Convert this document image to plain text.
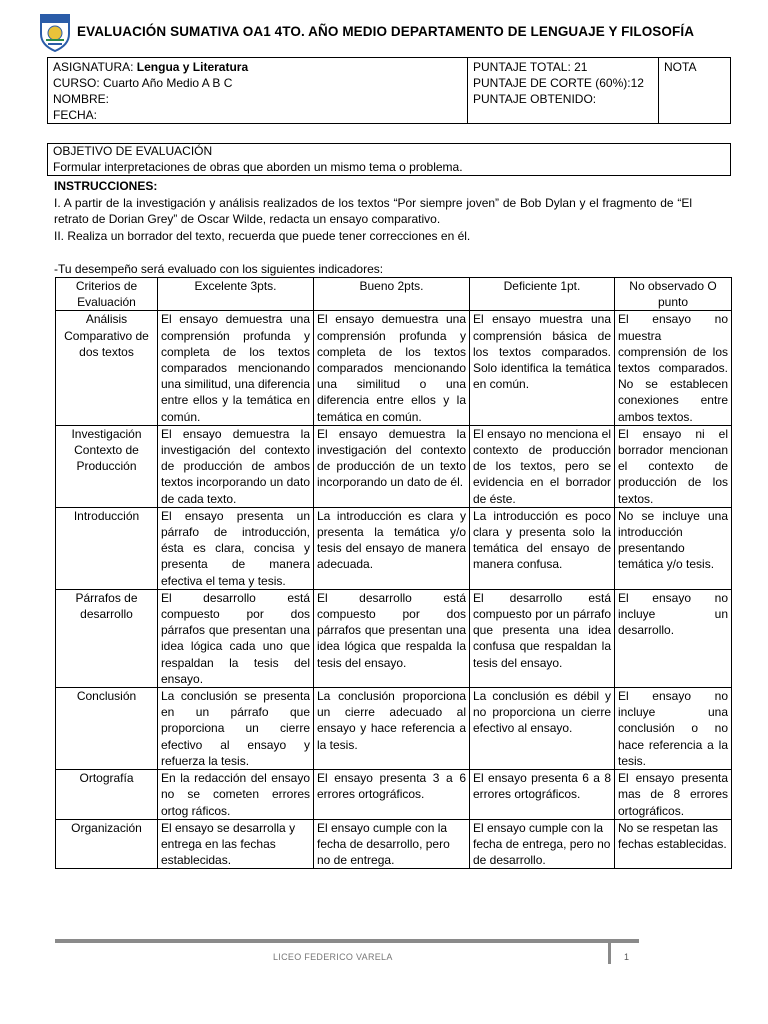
EVALUACIÓN SUMATIVA OA1 4TO. AÑO MEDIO DEPARTAMENTO DE LENGUAJE Y FILOSOFÍA
ASIGNATURA: Lengua y Literatura
CURSO: Cuarto Año Medio A B C
NOMBRE:
FECHA:
PUNTAJE TOTAL: 21
PUNTAJE DE CORTE (60%):12
PUNTAJE OBTENIDO:
NOTA
OBJETIVO DE EVALUACIÓN
Formular interpretaciones de obras que aborden un mismo tema o problema.
INSTRUCCIONES:
I. A partir de la investigación y análisis realizados de los textos “Por siempre joven” de Bob Dylan y el fragmento de “El retrato de Dorian Grey” de Oscar Wilde, redacta un ensayo comparativo.
II. Realiza un borrador del texto, recuerda que puede tener correcciones en él.
-Tu desempeño será evaluado con los siguientes indicadores:
Criterios de Evaluación	Excelente 3pts.	Bueno 2pts.	Deficiente 1pt.	No observado O punto
Análisis Comparativo de dos textos	El ensayo demuestra una comprensión profunda y completa de los textos comparados mencionando una similitud, una diferencia entre ellos y la temática en común.	El ensayo demuestra una comprensión profunda y completa de los textos comparados mencionando una similitud o una diferencia entre ellos y la temática en común.	El ensayo muestra una comprensión básica de los textos comparados. Solo identifica la temática en común.	El ensayo no muestra comprensión de los textos comparados. No se establecen conexiones entre ambos textos.
Investigación Contexto de Producción	El ensayo demuestra la investigación del contexto de producción de ambos textos incorporando un dato de cada texto.	El ensayo demuestra la investigación del contexto de producción de un texto incorporando un dato de él.	El ensayo no menciona el contexto de producción de los textos, pero se evidencia en el borrador de éste.	El ensayo ni el borrador mencionan el contexto de producción de los textos.
Introducción	El ensayo presenta un párrafo de introducción, ésta es clara, concisa y presenta de manera efectiva el tema y tesis.	La introducción es clara y presenta la temática y/o tesis del ensayo de manera adecuada.	La introducción es poco clara y presenta solo la temática del ensayo de manera confusa.	No se incluye una introducción presentando temática y/o tesis.
Párrafos de desarrollo	El desarrollo está compuesto por dos párrafos que presentan una idea lógica cada uno que respaldan la tesis del ensayo.	El desarrollo está compuesto por dos párrafos que presentan una idea lógica que respalda la tesis del ensayo.	El desarrollo está compuesto por un párrafo que presenta una idea confusa que respaldan la tesis del ensayo.	El ensayo no incluye un desarrollo.
Conclusión	La conclusión se presenta en un párrafo que proporciona un cierre efectivo al ensayo y refuerza la tesis.	La conclusión proporciona un cierre adecuado al ensayo y hace referencia a la tesis.	La conclusión es débil y no proporciona un cierre efectivo al ensayo.	El ensayo no incluye una conclusión o no hace referencia a la tesis.
Ortografía	En la redacción del ensayo no se cometen errores ortog ráficos.	El ensayo presenta 3 a 6 errores ortográficos.	El ensayo presenta 6 a 8 errores ortográficos.	El ensayo presenta mas de 8 errores ortográficos.
Organización	El ensayo se desarrolla y entrega en las fechas establecidas.	El ensayo cumple con la fecha de desarrollo, pero no de entrega.	El ensayo cumple con la fecha de entrega, pero no de desarrollo.	No se respetan las fechas establecidas.
LICEO FEDERICO VARELA	1
